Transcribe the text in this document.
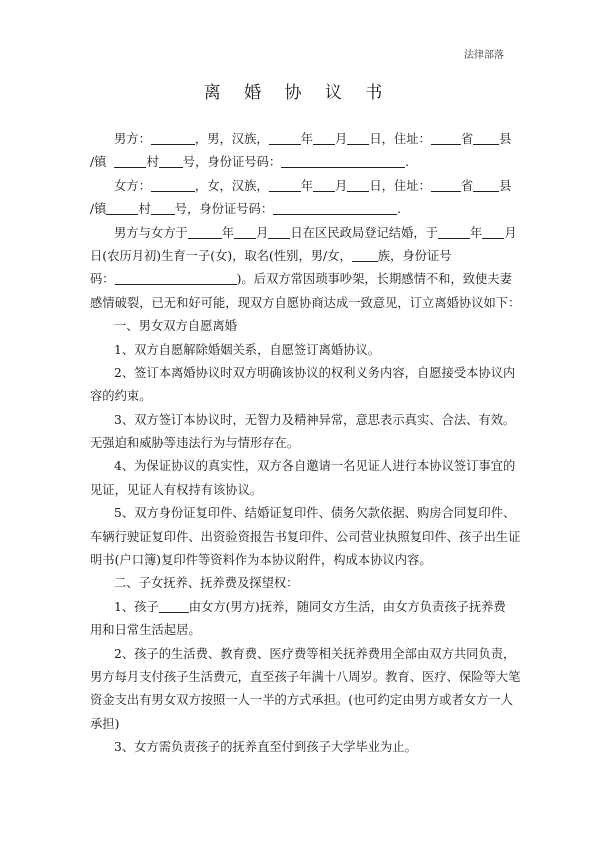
法律部落
离 婚 协 议 书
男方：	，男，汉族，	年 月 日，住址： 省 县
/镇	村 号，身份证号码：	.
女方：	，女，汉族，	年 月 日，住址： 省 县
/镇	村 号，身份证号码：	.
男方与女方于	年 月 日在区民政局登记结婚，于	年 月
日(农历月初)生育一子(女)，取名(性别，男/女， 族，身份证号
码：	)。后双方常因琐事吵架，长期感情不和，致使夫妻
感情破裂，已无和好可能，现双方自愿协商达成一致意见，订立离婚协议如下：
一、男女双方自愿离婚
1、双方自愿解除婚姻关系，自愿签订离婚协议。
2、签订本离婚协议时双方明确该协议的权利义务内容，自愿接受本协议内
容的约束。
3、双方签订本协议时，无智力及精神异常，意思表示真实、合法、有效。
无强迫和威胁等违法行为与情形存在。
4、为保证协议的真实性，双方各自邀请一名见证人进行本协议签订事宜的
见证，见证人有权持有该协议。
5、双方身份证复印件、结婚证复印件、债务欠款依据、购房合同复印件、
车辆行驶证复印件、出资验资报告书复印件、公司营业执照复印件、孩子出生证
明书(户口簿)复印件等资料作为本协议附件，构成本协议内容。
二、子女抚养、抚养费及探望权：
1、孩子 由女方(男方)抚养，随同女方生活，由女方负责孩子抚养费
用和日常生活起居。
2、孩子的生活费、教育费、医疗费等相关抚养费用全部由双方共同负责，
男方每月支付孩子生活费元，直至孩子年满十八周岁。教育、医疗、保险等大笔
资金支出有男女双方按照一人一半的方式承担。(也可约定由男方或者女方一人
承担)
3、女方需负责孩子的抚养直至付到孩子大学毕业为止。
